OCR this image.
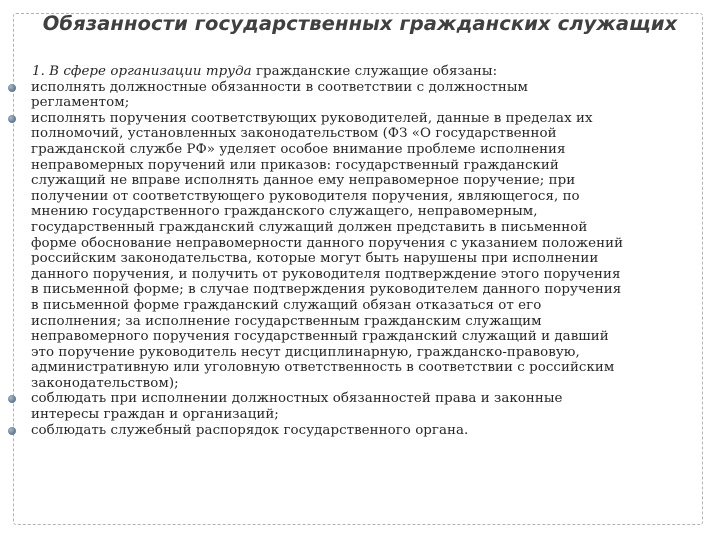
Обязанности государственных гражданских служащих

1. В сфере организации труда гражданские служащие обязаны:

исполнять должностные обязанности в соответствии с должностным
регламентом;
исполнять поручения соответствующих руководителей, данные в пределах их
полномочий, установленных законодательством (ФЗ «О государственной
гражданской службе РФ» уделяет особое внимание проблеме исполнения
неправомерных поручений или приказов: государственный гражданский
служащий не вправе исполнять данное ему неправомерное поручение; при
получении от соответствующего руководителя поручения, являющегося, по
мнению государственного гражданского служащего, неправомерным,
государственный гражданский служащий должен представить в письменной
форме обоснование неправомерности данного поручения с указанием положений
российским законодательства, которые могут быть нарушены при исполнении
данного поручения, и получить от руководителя подтверждение этого поручения
в письменной форме; в случае подтверждения руководителем данного поручения
в письменной форме гражданский служащий обязан отказаться от его
исполнения; за исполнение государственным гражданским служащим
неправомерного поручения государственный гражданский служащий и давший
это поручение руководитель несут дисциплинарную, гражданско-правовую,
административную или уголовную ответственность в соответствии с российским
законодательством);
соблюдать при исполнении должностных обязанностей права и законные
интересы граждан и организаций;
соблюдать служебный распорядок государственного органа.
